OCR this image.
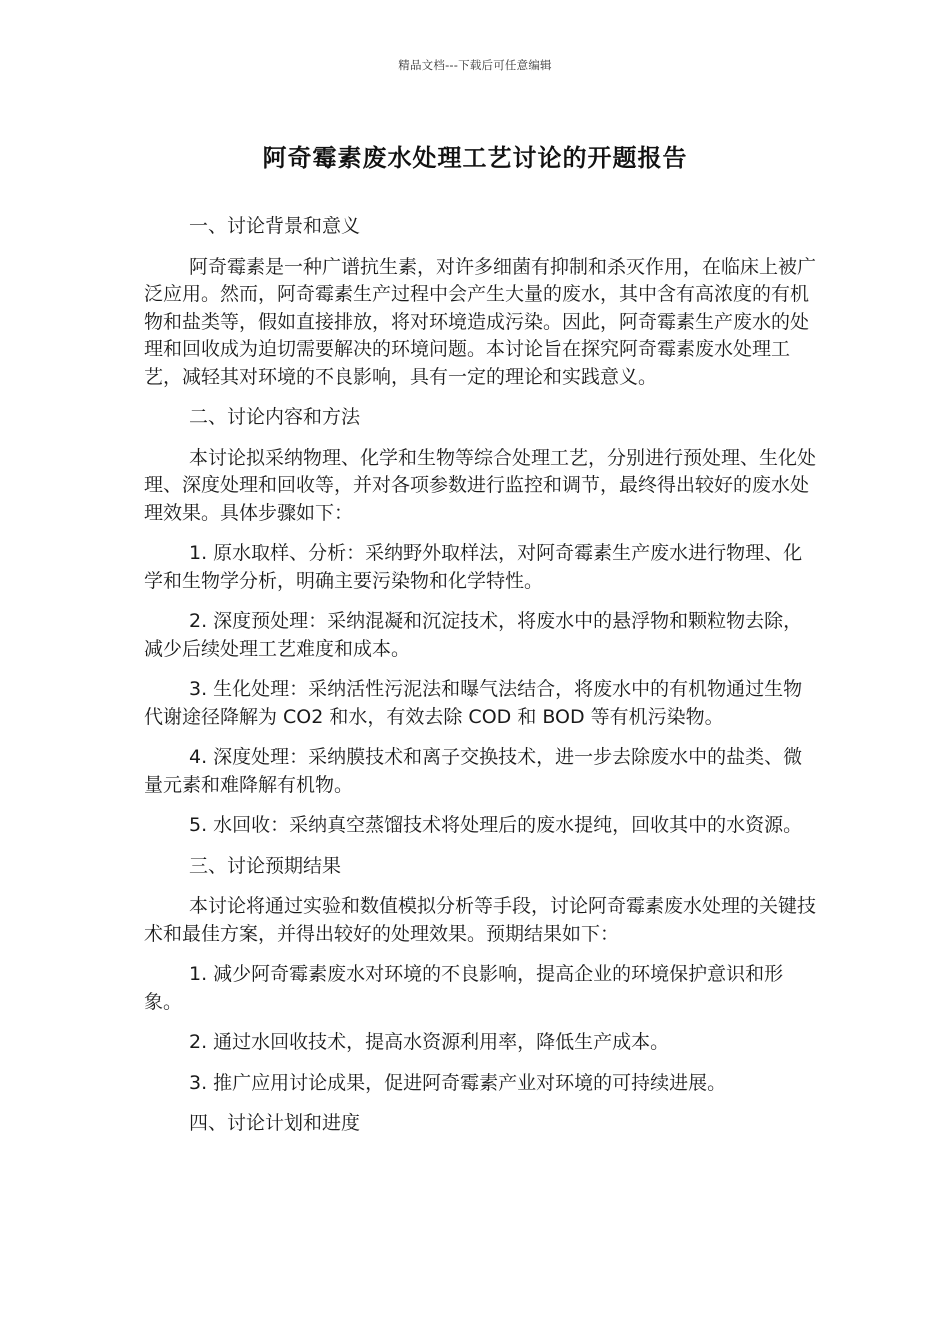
精品文档---下载后可任意编辑
阿奇霉素废水处理工艺讨论的开题报告

一、讨论背景和意义

阿奇霉素是一种广谱抗生素，对许多细菌有抑制和杀灭作用，在临床上被广泛应用。然而，阿奇霉素生产过程中会产生大量的废水，其中含有高浓度的有机物和盐类等，假如直接排放，将对环境造成污染。因此，阿奇霉素生产废水的处理和回收成为迫切需要解决的环境问题。本讨论旨在探究阿奇霉素废水处理工艺，减轻其对环境的不良影响，具有一定的理论和实践意义。

二、讨论内容和方法

本讨论拟采纳物理、化学和生物等综合处理工艺，分别进行预处理、生化处理、深度处理和回收等，并对各项参数进行监控和调节，最终得出较好的废水处理效果。具体步骤如下：

1. 原水取样、分析：采纳野外取样法，对阿奇霉素生产废水进行物理、化学和生物学分析，明确主要污染物和化学特性。

2. 深度预处理：采纳混凝和沉淀技术，将废水中的悬浮物和颗粒物去除，减少后续处理工艺难度和成本。

3. 生化处理：采纳活性污泥法和曝气法结合，将废水中的有机物通过生物代谢途径降解为 CO2 和水，有效去除 COD 和 BOD 等有机污染物。

4. 深度处理：采纳膜技术和离子交换技术，进一步去除废水中的盐类、微量元素和难降解有机物。

5. 水回收：采纳真空蒸馏技术将处理后的废水提纯，回收其中的水资源。

三、讨论预期结果

本讨论将通过实验和数值模拟分析等手段，讨论阿奇霉素废水处理的关键技术和最佳方案，并得出较好的处理效果。预期结果如下：

1. 减少阿奇霉素废水对环境的不良影响，提高企业的环境保护意识和形象。

2. 通过水回收技术，提高水资源利用率，降低生产成本。

3. 推广应用讨论成果，促进阿奇霉素产业对环境的可持续进展。

四、讨论计划和进度
